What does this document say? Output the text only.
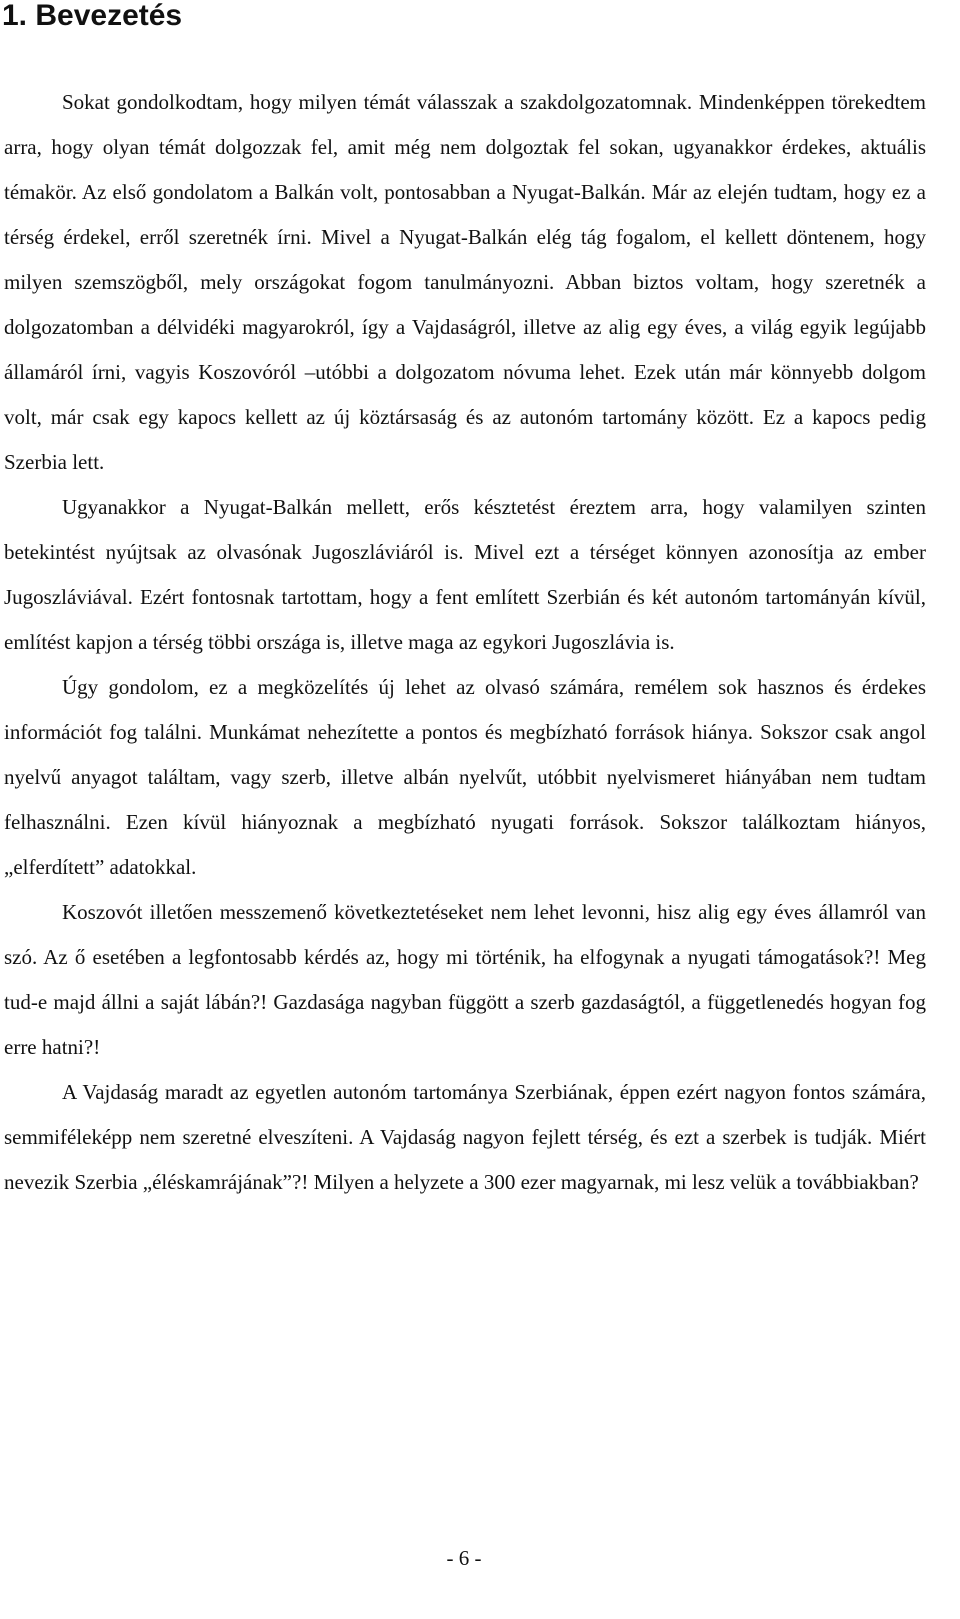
1. Bevezetés

Sokat gondolkodtam, hogy milyen témát válasszak a szakdolgozatomnak. Mindenképpen törekedtem arra, hogy olyan témát dolgozzak fel, amit még nem dolgoztak fel sokan, ugyanakkor érdekes, aktuális témakör. Az első gondolatom a Balkán volt, pontosabban a Nyugat-Balkán. Már az elején tudtam, hogy ez a térség érdekel, erről szeretnék írni. Mivel a Nyugat-Balkán elég tág fogalom, el kellett döntenem, hogy milyen szemszögből, mely országokat fogom tanulmányozni. Abban biztos voltam, hogy szeretnék a dolgozatomban a délvidéki magyarokról, így a Vajdaságról, illetve az alig egy éves, a világ egyik legújabb államáról írni, vagyis Koszovóról –utóbbi a dolgozatom nóvuma lehet. Ezek után már könnyebb dolgom volt, már csak egy kapocs kellett az új köztársaság és az autonóm tartomány között. Ez a kapocs pedig Szerbia lett.

Ugyanakkor a Nyugat-Balkán mellett, erős késztetést éreztem arra, hogy valamilyen szinten betekintést nyújtsak az olvasónak Jugoszláviáról is. Mivel ezt a térséget könnyen azonosítja az ember Jugoszláviával. Ezért fontosnak tartottam, hogy a fent említett Szerbián és két autonóm tartományán kívül, említést kapjon a térség többi országa is, illetve maga az egykori Jugoszlávia is.

Úgy gondolom, ez a megközelítés új lehet az olvasó számára, remélem sok hasznos és érdekes információt fog találni. Munkámat nehezítette a pontos és megbízható források hiánya. Sokszor csak angol nyelvű anyagot találtam, vagy szerb, illetve albán nyelvűt, utóbbit nyelvismeret hiányában nem tudtam felhasználni. Ezen kívül hiányoznak a megbízható nyugati források. Sokszor találkoztam hiányos, „elferdített” adatokkal.

Koszovót illetően messzemenő következtetéseket nem lehet levonni, hisz alig egy éves államról van szó. Az ő esetében a legfontosabb kérdés az, hogy mi történik, ha elfogynak a nyugati támogatások?! Meg tud-e majd állni a saját lábán?! Gazdasága nagyban függött a szerb gazdaságtól, a függetlenedés hogyan fog erre hatni?!

A Vajdaság maradt az egyetlen autonóm tartománya Szerbiának, éppen ezért nagyon fontos számára, semmiféleképp nem szeretné elveszíteni. A Vajdaság nagyon fejlett térség, és ezt a szerbek is tudják. Miért nevezik Szerbia „éléskamrájának”?! Milyen a helyzete a 300 ezer magyarnak, mi lesz velük a továbbiakban?

- 6 -
